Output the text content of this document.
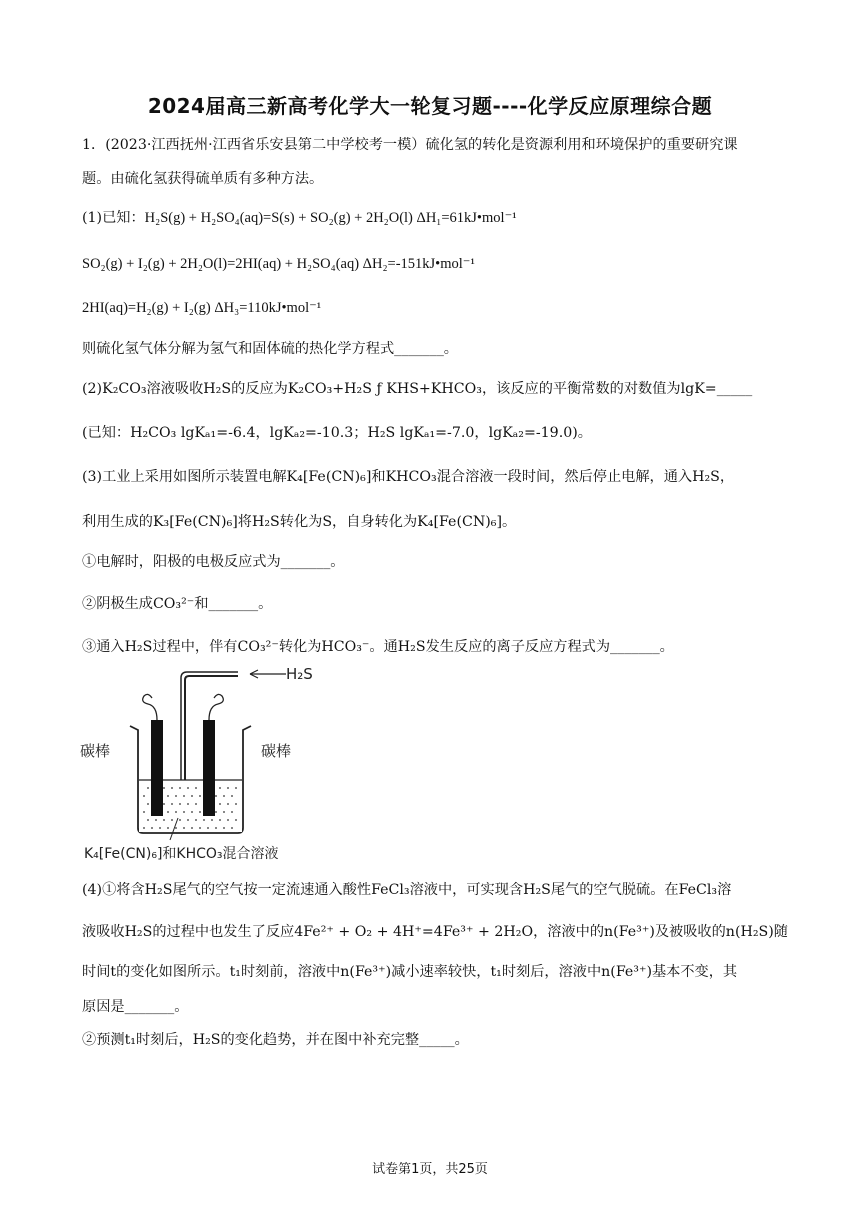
2024届高三新高考化学大一轮复习题----化学反应原理综合题
1．(2023·江西抚州·江西省乐安县第二中学校考一模）硫化氢的转化是资源利用和环境保护的重要研究课
题。由硫化氢获得硫单质有多种方法。
(1)已知：H₂S(g) + H₂SO₄(aq)=S(s) + SO₂(g) + 2H₂O(l) ΔH₁=61kJ•mol⁻¹
SO₂(g) + I₂(g) + 2H₂O(l)=2HI(aq) + H₂SO₄(aq) ΔH₂=-151kJ•mol⁻¹
2HI(aq)=H₂(g) + I₂(g) ΔH₃=110kJ•mol⁻¹
则硫化氢气体分解为氢气和固体硫的热化学方程式_______。
(2)K₂CO₃溶液吸收H₂S的反应为K₂CO₃+H₂S ƒ KHS+KHCO₃，该反应的平衡常数的对数值为lgK=_____
(已知：H₂CO₃ lgKₐ₁=-6.4，lgKₐ₂=-10.3；H₂S lgKₐ₁=-7.0，lgKₐ₂=-19.0)。
(3)工业上采用如图所示装置电解K₄[Fe(CN)₆]和KHCO₃混合溶液一段时间，然后停止电解，通入H₂S，
利用生成的K₃[Fe(CN)₆]将H₂S转化为S，自身转化为K₄[Fe(CN)₆]。
①电解时，阳极的电极反应式为_______。
②阴极生成CO₃²⁻和_______。
③通入H₂S过程中，伴有CO₃²⁻转化为HCO₃⁻。通H₂S发生反应的离子反应方程式为_______。
H₂S
碳棒	碳棒
K₄[Fe(CN)₆]和KHCO₃混合溶液
(4)①将含H₂S尾气的空气按一定流速通入酸性FeCl₃溶液中，可实现含H₂S尾气的空气脱硫。在FeCl₃溶
液吸收H₂S的过程中也发生了反应4Fe²⁺ + O₂ + 4H⁺=4Fe³⁺ + 2H₂O，溶液中的n(Fe³⁺)及被吸收的n(H₂S)随
时间t的变化如图所示。t₁时刻前，溶液中n(Fe³⁺)减小速率较快，t₁时刻后，溶液中n(Fe³⁺)基本不变，其
原因是_______。
②预测t₁时刻后，H₂S的变化趋势，并在图中补充完整_____。
试卷第1页，共25页
